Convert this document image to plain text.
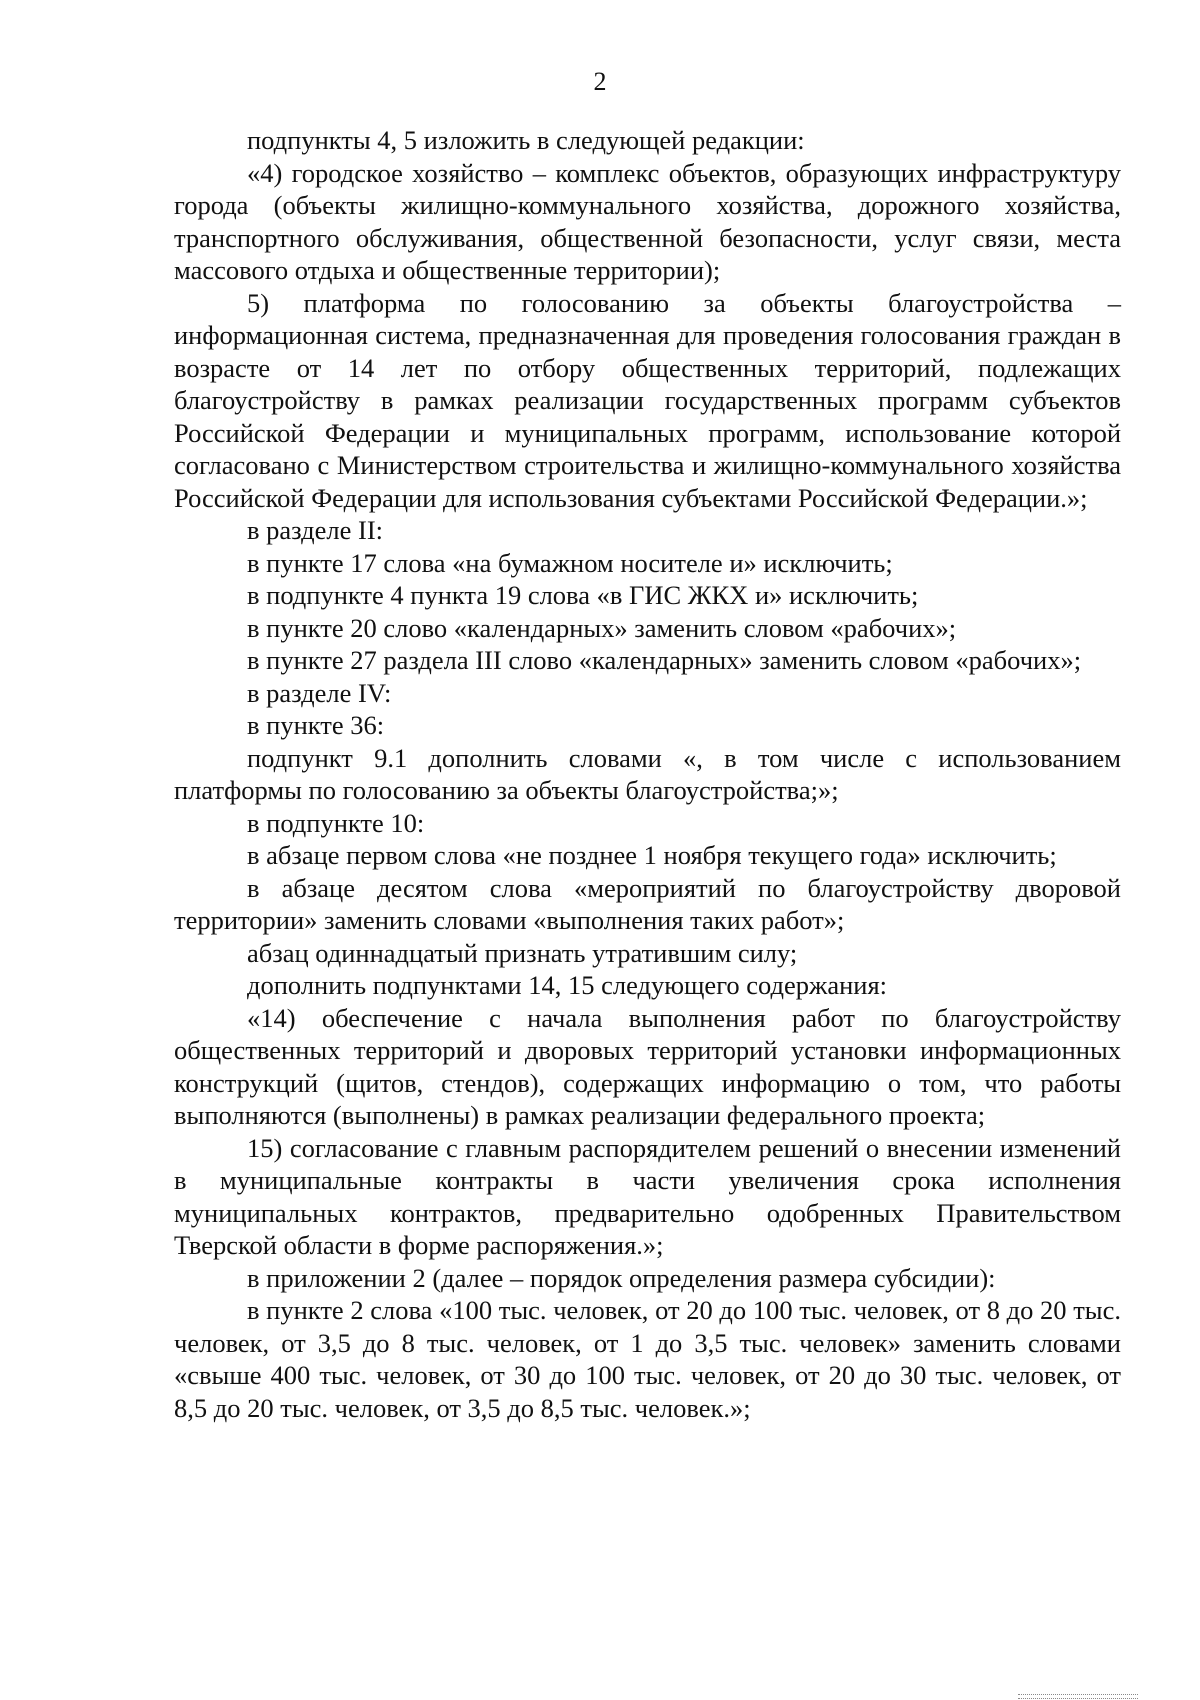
2

подпункты 4, 5 изложить в следующей редакции:

«4) городское хозяйство – комплекс объектов, образующих инфраструктуру города (объекты жилищно-коммунального хозяйства, дорожного хозяйства, транспортного обслуживания, общественной безопасности, услуг связи, места массового отдыха и общественные территории);

5) платформа по голосованию за объекты благоустройства – информационная система, предназначенная для проведения голосования граждан в возрасте от 14 лет по отбору общественных территорий, подлежащих благоустройству в рамках реализации государственных программ субъектов Российской Федерации и муниципальных программ, использование которой согласовано с Министерством строительства и жилищно-коммунального хозяйства Российской Федерации для использования субъектами Российской Федерации.»;

в разделе II:

в пункте 17 слова «на бумажном носителе и» исключить;

в подпункте 4 пункта 19 слова «в ГИС ЖКХ и» исключить;

в пункте 20 слово «календарных» заменить словом «рабочих»;

в пункте 27 раздела III слово «календарных» заменить словом «рабочих»;

в разделе IV:

в пункте 36:

подпункт 9.1 дополнить словами «, в том числе с использованием платформы по голосованию за объекты благоустройства;»;

в подпункте 10:

в абзаце первом слова «не позднее 1 ноября текущего года» исключить;

в абзаце десятом слова «мероприятий по благоустройству дворовой территории» заменить словами «выполнения таких работ»;

абзац одиннадцатый признать утратившим силу;

дополнить подпунктами 14, 15 следующего содержания:

«14) обеспечение с начала выполнения работ по благоустройству общественных территорий и дворовых территорий установки информационных конструкций (щитов, стендов), содержащих информацию о том, что работы выполняются (выполнены) в рамках реализации федерального проекта;

15) согласование с главным распорядителем решений о внесении изменений в муниципальные контракты в части увеличения срока исполнения муниципальных контрактов, предварительно одобренных Правительством Тверской области в форме распоряжения.»;

в приложении 2 (далее – порядок определения размера субсидии):

в пункте 2 слова «100 тыс. человек, от 20 до 100 тыс. человек, от 8 до 20 тыс. человек, от 3,5 до 8 тыс. человек, от 1 до 3,5 тыс. человек» заменить словами «свыше 400 тыс. человек, от 30 до 100 тыс. человек, от 20 до 30 тыс. человек, от 8,5 до 20 тыс. человек, от 3,5 до 8,5 тыс. человек.»;
